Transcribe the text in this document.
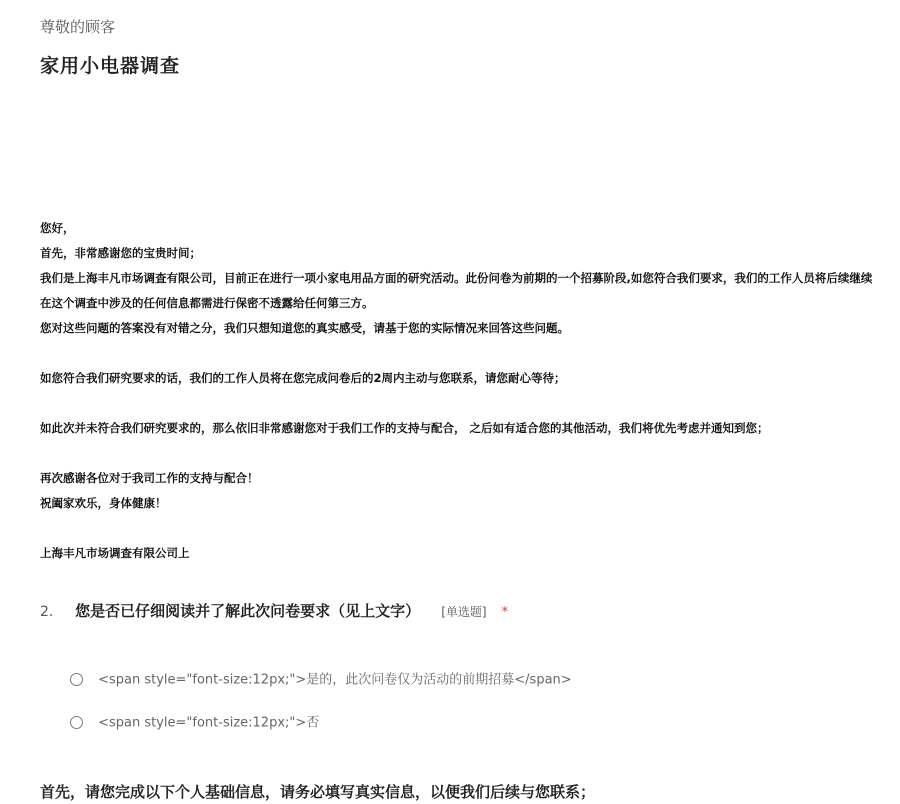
尊敬的顾客
家用小电器调查
您好，
首先，非常感谢您的宝贵时间；
我们是上海丰凡市场调查有限公司，目前正在进行一项小家电用品方面的研究活动。此份问卷为前期的一个招募阶段,如您符合我们要求，我们的工作人员将后续继续
在这个调查中涉及的任何信息都需进行保密不透露给任何第三方。
您对这些问题的答案没有对错之分，我们只想知道您的真实感受，请基于您的实际情况来回答这些问题。
如您符合我们研究要求的话，我们的工作人员将在您完成问卷后的2周内主动与您联系，请您耐心等待；
如此次并未符合我们研究要求的，那么依旧非常感谢您对于我们工作的支持与配合， 之后如有适合您的其他活动，我们将优先考虑并通知到您；
再次感谢各位对于我司工作的支持与配合！
祝阖家欢乐，身体健康！
上海丰凡市场调查有限公司上
2. 您是否已仔细阅读并了解此次问卷要求（见上文字） [单选题] *
<span style="font-size:12px;">是的，此次问卷仅为活动的前期招募</span>
<span style="font-size:12px;">否
首先，请您完成以下个人基础信息，请务必填写真实信息，以便我们后续与您联系；
